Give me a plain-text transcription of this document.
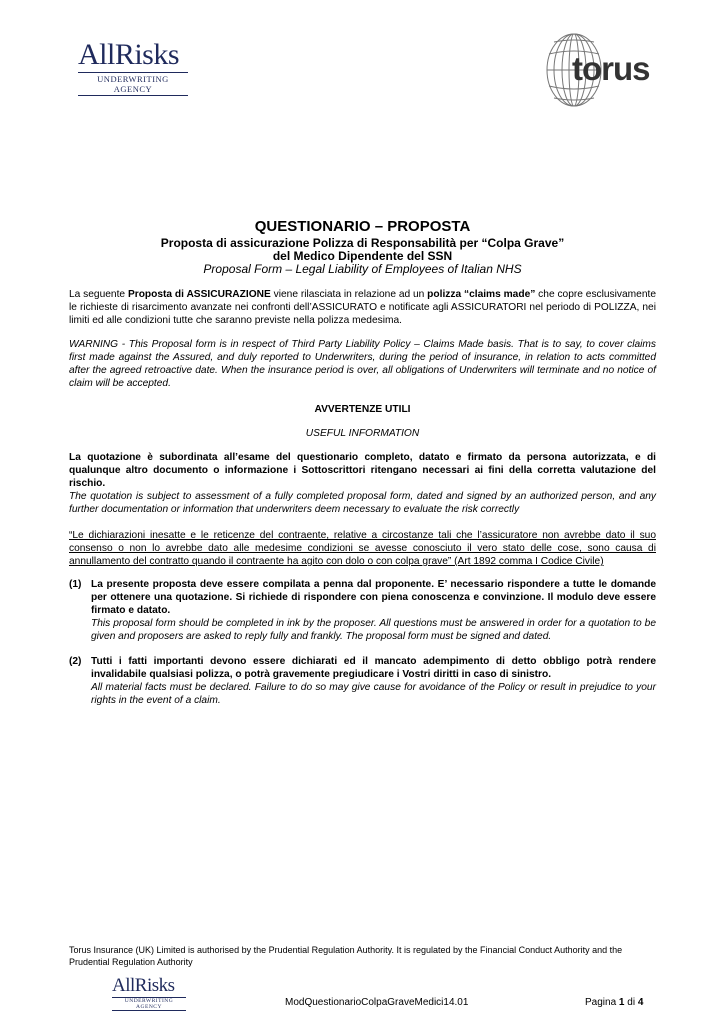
AllRisks
UNDERWRITING AGENCY
torus
QUESTIONARIO – PROPOSTA
Proposta di assicurazione Polizza di Responsabilità per “Colpa Grave”
del Medico Dipendente del SSN
Proposal Form – Legal Liability of Employees of Italian NHS
La seguente Proposta di ASSICURAZIONE viene rilasciata in relazione ad un polizza “claims made” che copre esclusivamente le richieste di risarcimento avanzate nei confronti dell’ASSICURATO e notificate agli ASSICURATORI nel periodo di POLIZZA, nei limiti ed alle condizioni tutte che saranno previste nella polizza medesima.
WARNING - This Proposal form is in respect of Third Party Liability Policy – Claims Made basis. That is to say, to cover claims first made against the Assured, and duly reported to Underwriters, during the period of insurance, in relation to acts committed after the agreed retroactive date. When the insurance period is over, all obligations of Underwriters will terminate and no notice of claim will be accepted.
AVVERTENZE UTILI
USEFUL INFORMATION
La quotazione è subordinata all’esame del questionario completo, datato e firmato da persona autorizzata, e di qualunque altro documento o informazione i Sottoscrittori ritengano necessari ai fini della corretta valutazione del rischio.
The quotation is subject to assessment of a fully completed proposal form, dated and signed by an authorized person, and any further documentation or information that underwriters deem necessary to evaluate the risk correctly
“Le dichiarazioni inesatte e le reticenze del contraente, relative a circostanze tali che l’assicuratore non avrebbe dato il suo consenso o non lo avrebbe dato alle medesime condizioni se avesse conosciuto il vero stato delle cose, sono causa di annullamento del contratto quando il contraente ha agito con dolo o con colpa grave” (Art 1892 comma I Codice Civile)
(1) La presente proposta deve essere compilata a penna dal proponente. E’ necessario rispondere a tutte le domande per ottenere una quotazione. Si richiede di rispondere con piena conoscenza e convinzione. Il modulo deve essere firmato e datato.
This proposal form should be completed in ink by the proposer. All questions must be answered in order for a quotation to be given and proposers are asked to reply fully and frankly. The proposal form must be signed and dated.
(2) Tutti i fatti importanti devono essere dichiarati ed il mancato adempimento di detto obbligo potrà rendere invalidabile qualsiasi polizza, o potrà gravemente pregiudicare i Vostri diritti in caso di sinistro.
All material facts must be declared. Failure to do so may give cause for avoidance of the Policy or result in prejudice to your rights in the event of a claim.
Torus Insurance (UK) Limited is authorised by the Prudential Regulation Authority. It is regulated by the Financial Conduct Authority and the Prudential Regulation Authority
AllRisks
UNDERWRITING AGENCY	ModQuestionarioColpaGraveMedici14.01	Pagina 1 di 4
